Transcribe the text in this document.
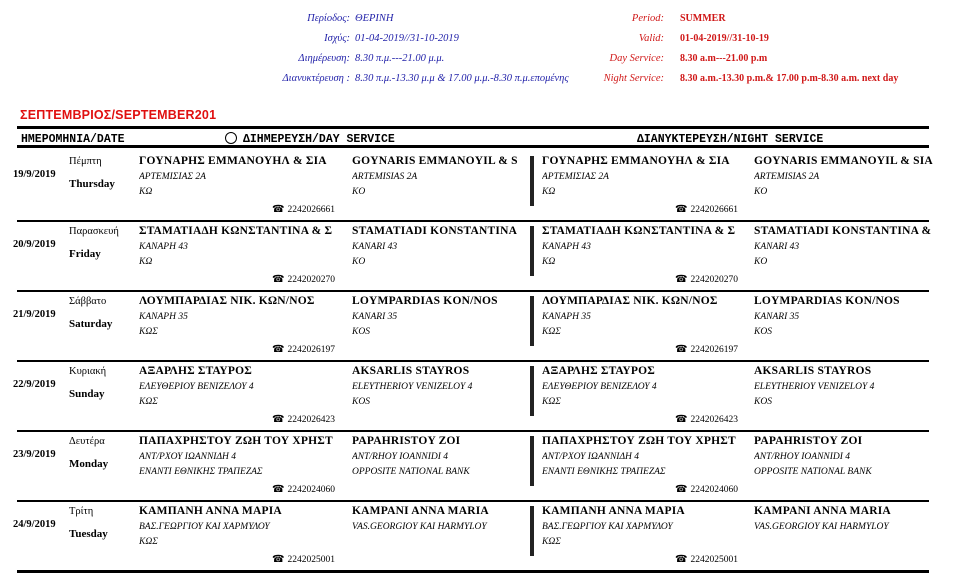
Περίοδος: ΘΕΡΙΝΗ
Ισχύς: 01-04-2019//31-10-2019
Διημέρευση: 8.30 π.μ.---21.00 μ.μ.
Διανυκτέρευση : 8.30 π.μ.-13.30 μ.μ & 17.00 μ.μ.-8.30 π.μ.επομένης
Period: SUMMER
Valid: 01-04-2019//31-10-19
Day Service: 8.30 a.m---21.00 p.m
Night Service: 8.30 a.m.-13.30 p.m.& 17.00 p.m-8.30 a.m. next day
ΣΕΠΤΕΜΒΡΙΟΣ/SEPTEMBER201
ΗΜΕΡΟΜΗΝΙΑ/DATE	ΔΙΗΜΕΡΕΥΣΗ/DAY SERVICE	ΔΙΑΝΥΚΤΕΡΕΥΣΗ/NIGHT SERVICE
19/9/2019
Πέμπτη
Thursday
ΓΟΥΝΑΡΗΣ ΕΜΜΑΝΟΥΗΛ & ΣΙΑ
ΑΡΤΕΜΙΣΙΑΣ 2Α
ΚΩ
GOYNARIS EMMANOYIL & S
ARTEMISIAS 2A
KO
☎ 2242026661
ΓΟΥΝΑΡΗΣ ΕΜΜΑΝΟΥΗΛ & ΣΙΑ
ΑΡΤΕΜΙΣΙΑΣ 2Α
ΚΩ
GOYNARIS EMMANOYIL & SIA
ARTEMISIAS 2A
KO
☎ 2242026661
20/9/2019
Παρασκευή
Friday
ΣΤΑΜΑΤΙΑΔΗ ΚΩΝΣΤΑΝΤΙΝΑ & Σ
ΚΑΝΑΡΗ 43
ΚΩ
STAMATIADI KONSTANTINA
KANARI 43
KO
☎ 2242020270
ΣΤΑΜΑΤΙΑΔΗ ΚΩΝΣΤΑΝΤΙΝΑ & Σ
ΚΑΝΑΡΗ 43
ΚΩ
STAMATIADI KONSTANTINA &
KANARI 43
KO
☎ 2242020270
21/9/2019
Σάββατο
Saturday
ΛΟΥΜΠΑΡΔΙΑΣ ΝΙΚ. ΚΩΝ/ΝΟΣ
ΚΑΝΑΡΗ 35
ΚΩΣ
LOYMPARDIAS KON/NOS
KANARI 35
KOS
☎ 2242026197
ΛΟΥΜΠΑΡΔΙΑΣ ΝΙΚ. ΚΩΝ/ΝΟΣ
ΚΑΝΑΡΗ 35
ΚΩΣ
LOYMPARDIAS KON/NOS
KANARI 35
KOS
☎ 2242026197
22/9/2019
Κυριακή
Sunday
ΑΞΑΡΛΗΣ ΣΤΑΥΡΟΣ
ΕΛΕΥΘΕΡΙΟΥ ΒΕΝΙΖΕΛΟΥ 4
ΚΩΣ
AKSARLIS STAYROS
ELEYTHERIOY VENIZELOY 4
KOS
☎ 2242026423
ΑΞΑΡΛΗΣ ΣΤΑΥΡΟΣ
ΕΛΕΥΘΕΡΙΟΥ ΒΕΝΙΖΕΛΟΥ 4
ΚΩΣ
AKSARLIS STAYROS
ELEYTHERIOY VENIZELOY 4
KOS
☎ 2242026423
23/9/2019
Δευτέρα
Monday
ΠΑΠΑΧΡΗΣΤΟΥ ΖΩΗ ΤΟΥ ΧΡΗΣΤ
ΑΝΤ/ΡΧΟΥ ΙΩΑΝΝΙΔΗ 4
ΕΝΑΝΤΙ ΕΘΝΙΚΗΣ ΤΡΑΠΕΖΑΣ
PAPAHRISTOY ZOI
ANT/RHOY IOANNIDI 4
OPPOSITE NATIONAL BANK
☎ 2242024060
ΠΑΠΑΧΡΗΣΤΟΥ ΖΩΗ ΤΟΥ ΧΡΗΣΤ
ΑΝΤ/ΡΧΟΥ ΙΩΑΝΝΙΔΗ 4
ΕΝΑΝΤΙ ΕΘΝΙΚΗΣ ΤΡΑΠΕΖΑΣ
PAPAHRISTOY ZOI
ANT/RHOY IOANNIDI 4
OPPOSITE NATIONAL BANK
☎ 2242024060
24/9/2019
Τρίτη
Tuesday
ΚΑΜΠΑΝΗ ΑΝΝΑ ΜΑΡΙΑ
ΒΑΣ.ΓΕΩΡΓΙΟΥ ΚΑΙ ΧΑΡΜΥΛΟΥ
ΚΩΣ
KAMPANI ANNA MARIA
VAS.GEORGIOY KAI HARMYLOY
☎ 2242025001
ΚΑΜΠΑΝΗ ΑΝΝΑ ΜΑΡΙΑ
ΒΑΣ.ΓΕΩΡΓΙΟΥ ΚΑΙ ΧΑΡΜΥΛΟΥ
ΚΩΣ
KAMPANI ANNA MARIA
VAS.GEORGIOY KAI HARMYLOY
☎ 2242025001
